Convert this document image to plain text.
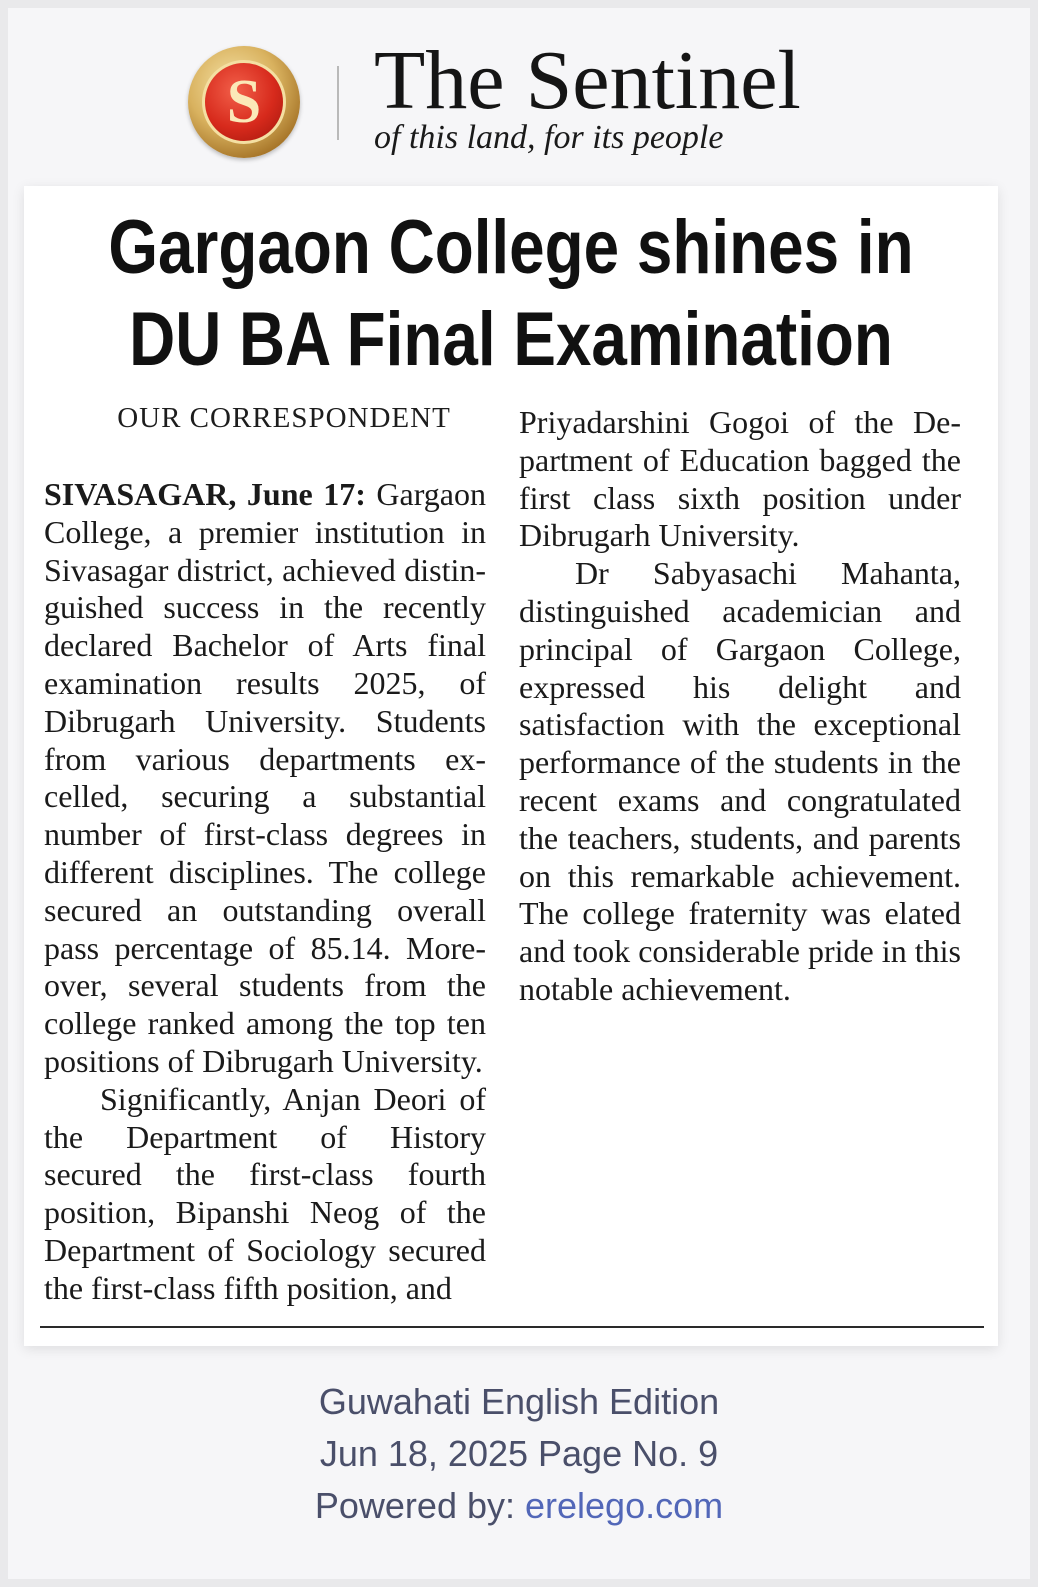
S The Sentinel
of this land, for its people
Gargaon College shines in
DU BA Final Examination
OUR CORRESPONDENT

SIVASAGAR, June 17: Gargaon College, a premier institution in Sivasagar district, achieved distinguished success in the recently declared Bachelor of Arts final examination results 2025, of Dibrugarh University. Students from various departments excelled, securing a substantial number of first-class degrees in different disciplines. The college secured an outstanding overall pass percentage of 85.14. Moreover, several students from the college ranked among the top ten positions of Dibrugarh University.

Significantly, Anjan Deori of the Department of History secured the first-class fourth position, Bipanshi Neog of the Department of Sociology secured the first-class fifth position, and

Priyadarshini Gogoi of the Department of Education bagged the first class sixth position under Dibrugarh University.

Dr Sabyasachi Mahanta, distinguished academician and principal of Gargaon College, expressed his delight and satisfaction with the exceptional performance of the students in the recent exams and congratulated the teachers, students, and parents on this remarkable achievement. The college fraternity was elated and took considerable pride in this notable achievement.

Guwahati English Edition
Jun 18, 2025 Page No. 9
Powered by: erelego.com
